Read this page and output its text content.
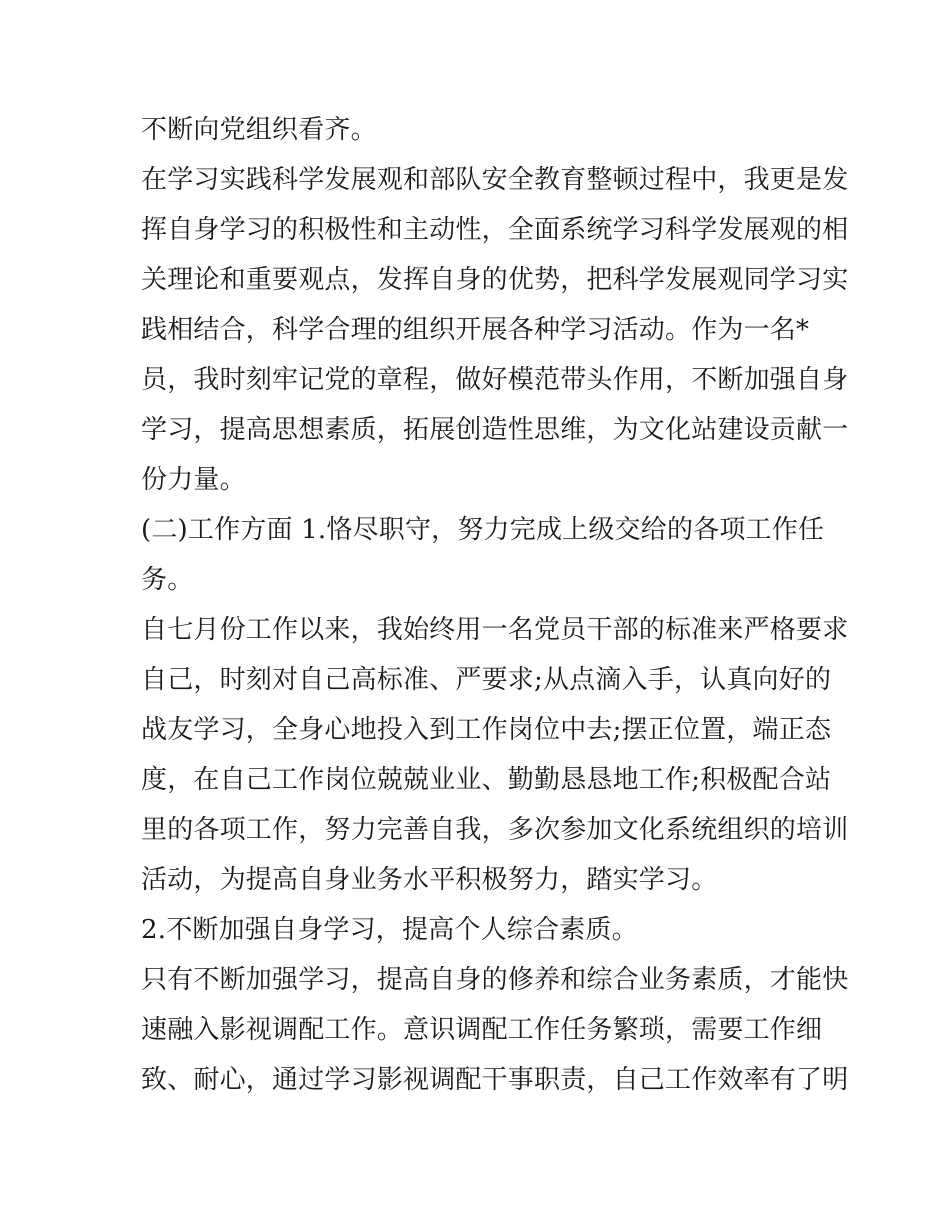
不断向党组织看齐。
在学习实践科学发展观和部队安全教育整顿过程中，我更是发
挥自身学习的积极性和主动性，全面系统学习科学发展观的相
关理论和重要观点，发挥自身的优势，把科学发展观同学习实
践相结合，科学合理的组织开展各种学习活动。作为一名*
员，我时刻牢记党的章程，做好模范带头作用，不断加强自身
学习，提高思想素质，拓展创造性思维，为文化站建设贡献一
份力量。
(二)工作方面 1.恪尽职守，努力完成上级交给的各项工作任
务。
自七月份工作以来，我始终用一名党员干部的标准来严格要求
自己，时刻对自己高标准、严要求;从点滴入手，认真向好的
战友学习，全身心地投入到工作岗位中去;摆正位置，端正态
度，在自己工作岗位兢兢业业、勤勤恳恳地工作;积极配合站
里的各项工作，努力完善自我，多次参加文化系统组织的培训
活动，为提高自身业务水平积极努力，踏实学习。
2.不断加强自身学习，提高个人综合素质。
只有不断加强学习，提高自身的修养和综合业务素质，才能快
速融入影视调配工作。意识调配工作任务繁琐，需要工作细
致、耐心，通过学习影视调配干事职责，自己工作效率有了明
